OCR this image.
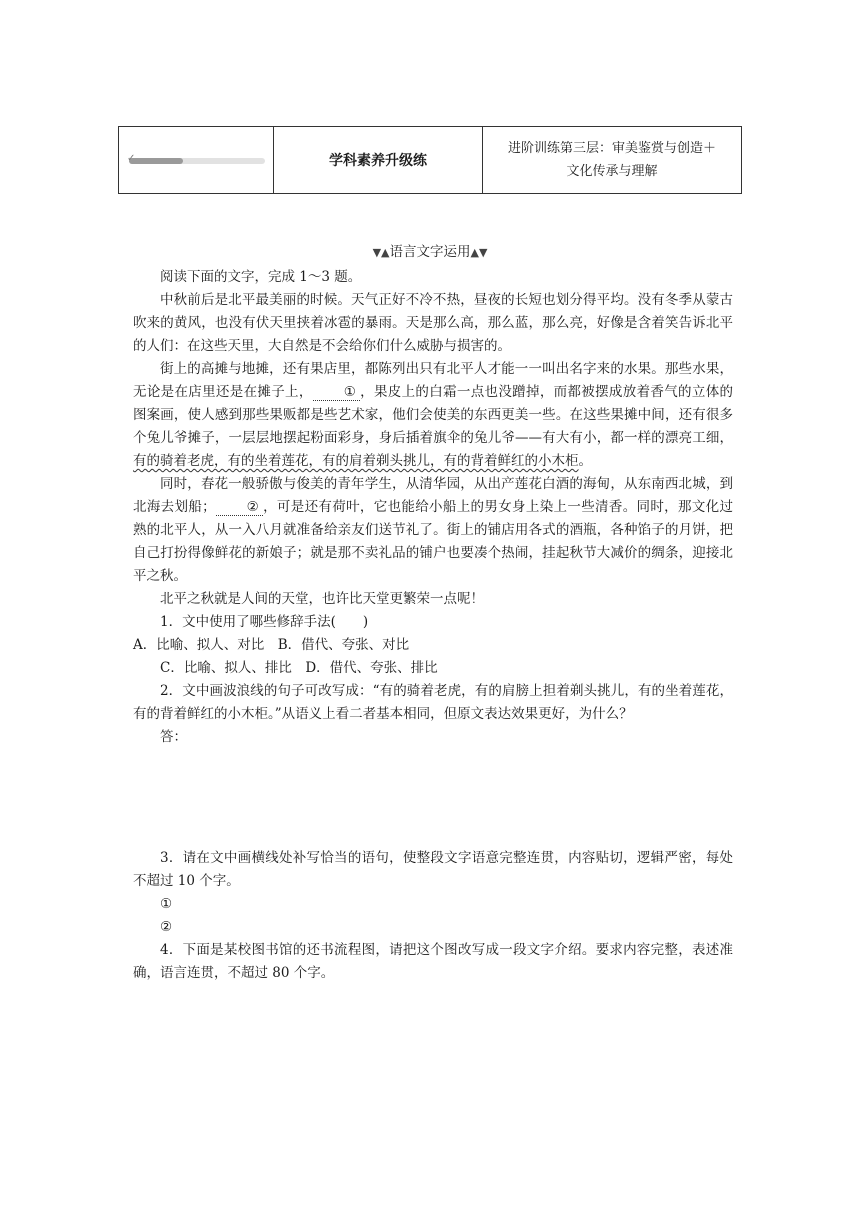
✓	学科素养升级练
进阶训练第三层：审美鉴赏与创造＋
文化传承与理解
▼▲语言文字运用▲▼

阅读下面的文字，完成 1～3 题。

中秋前后是北平最美丽的时候。天气正好不冷不热，昼夜的长短也划分得平均。没有冬季从蒙古吹来的黄风，也没有伏天里挟着冰雹的暴雨。天是那么高，那么蓝，那么亮，好像是含着笑告诉北平的人们：在这些天里，大自然是不会给你们什么威胁与损害的。

街上的高摊与地摊，还有果店里，都陈列出只有北平人才能一一叫出名字来的水果。那些水果，无论是在店里还是在摊子上， ① ，果皮上的白霜一点也没蹭掉，而都被摆成放着香气的立体的图案画，使人感到那些果贩都是些艺术家，他们会使美的东西更美一些。在这些果摊中间，还有很多个兔儿爷摊子，一层层地摆起粉面彩身，身后插着旗伞的兔儿爷——有大有小，都一样的漂亮工细，有的骑着老虎，有的坐着莲花，有的肩着剃头挑儿，有的背着鲜红的小木柜。

同时，春花一般骄傲与俊美的青年学生，从清华园，从出产莲花白酒的海甸，从东南西北城，到北海去划船； ② ，可是还有荷叶，它也能给小船上的男女身上染上一些清香。同时，那文化过熟的北平人，从一入八月就准备给亲友们送节礼了。街上的铺店用各式的酒瓶，各种馅子的月饼，把自己打扮得像鲜花的新娘子；就是那不卖礼品的铺户也要凑个热闹，挂起秋节大减价的绸条，迎接北平之秋。

北平之秋就是人间的天堂，也许比天堂更繁荣一点呢！

1．文中使用了哪些修辞手法(　　)

A．比喻、拟人、对比　B．借代、夸张、对比

C．比喻、拟人、排比　D．借代、夸张、排比

2．文中画波浪线的句子可改写成：“有的骑着老虎，有的肩膀上担着剃头挑儿，有的坐着莲花，有的背着鲜红的小木柜。”从语义上看二者基本相同，但原文表达效果更好，为什么？

答：

3．请在文中画横线处补写恰当的语句，使整段文字语意完整连贯，内容贴切，逻辑严密，每处不超过 10 个字。

①

②

4．下面是某校图书馆的还书流程图，请把这个图改写成一段文字介绍。要求内容完整，表述准确，语言连贯，不超过 80 个字。
